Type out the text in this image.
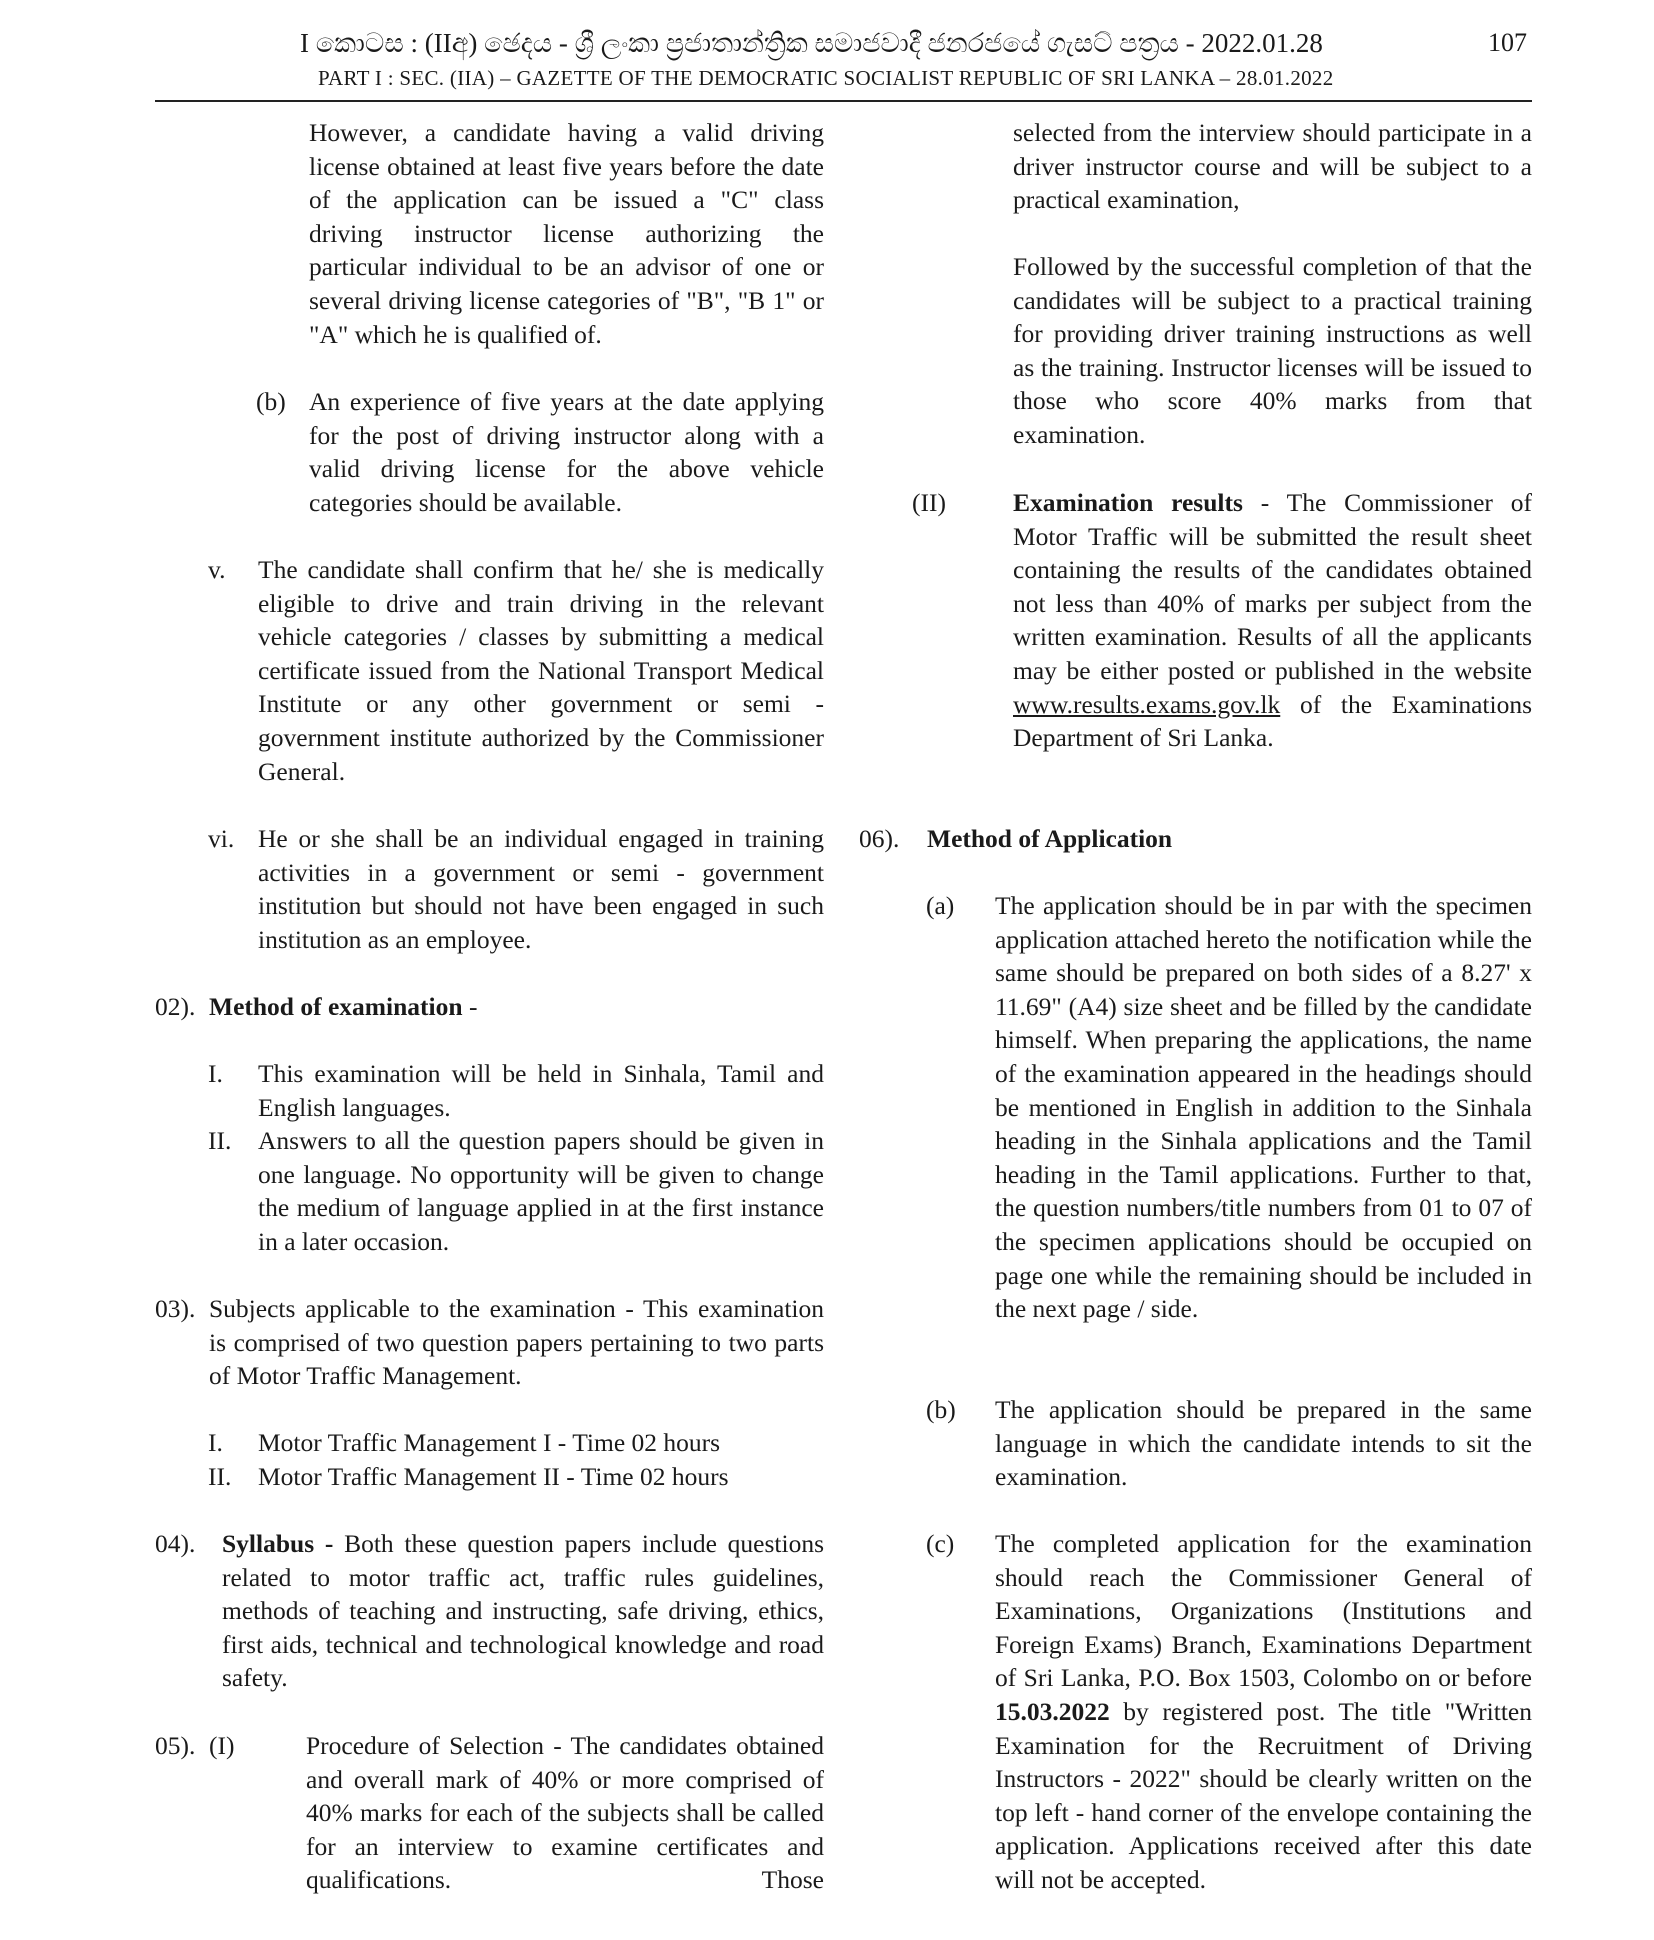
I කොටස : (IIඅ) ඡෙදය - ශ්‍රී ලංකා ප්‍රජාතාන්ත්‍රික සමාජවාදී ජනරජයේ ගැසට් පත්‍රය - 2022.01.28	107
PART I : SEC. (IIA) – GAZETTE OF THE DEMOCRATIC SOCIALIST REPUBLIC OF SRI LANKA – 28.01.2022

However, a candidate having a valid driving license obtained at least five years before the date of the application can be issued a "C" class driving instructor license authorizing the particular individual to be an advisor of one or several driving license categories of "B", "B 1" or "A" which he is qualified of.

(b) An experience of five years at the date applying for the post of driving instructor along with a valid driving license for the above vehicle categories should be available.

v. The candidate shall confirm that he/ she is medically eligible to drive and train driving in the relevant vehicle categories / classes by submitting a medical certificate issued from the National Transport Medical Institute or any other government or semi - government institute authorized by the Commissioner General.

vi. He or she shall be an individual engaged in training activities in a government or semi - government institution but should not have been engaged in such institution as an employee.

02). Method of examination -

I. This examination will be held in Sinhala, Tamil and English languages.

II. Answers to all the question papers should be given in one language. No opportunity will be given to change the medium of language applied in at the first instance in a later occasion.

03). Subjects applicable to the examination - This examination is comprised of two question papers pertaining to two parts of Motor Traffic Management.

I. Motor Traffic Management I - Time 02 hours
II. Motor Traffic Management II - Time 02 hours
04). Syllabus - Both these question papers include questions related to motor traffic act, traffic rules guidelines, methods of teaching and instructing, safe driving, ethics, first aids, technical and technological knowledge and road safety.

05). (I)	Procedure of Selection - The candidates obtained and overall mark of 40% or more comprised of 40% marks for each of the subjects shall be called for an interview to examine certificates and qualifications. Those

selected from the interview should participate in a driver instructor course and will be subject to a practical examination,

Followed by the successful completion of that the candidates will be subject to a practical training for providing driver training instructions as well as the training. Instructor licenses will be issued to those who score 40% marks from that examination.

(II)	Examination results - The Commissioner of Motor Traffic will be submitted the result sheet containing the results of the candidates obtained not less than 40% of marks per subject from the written examination. Results of all the applicants may be either posted or published in the website www.results.exams.gov.lk of the Examinations Department of Sri Lanka.

06). Method of Application
(a) The application should be in par with the specimen application attached hereto the notification while the same should be prepared on both sides of a 8.27' x 11.69" (A4) size sheet and be filled by the candidate himself. When preparing the applications, the name of the examination appeared in the headings should be mentioned in English in addition to the Sinhala heading in the Sinhala applications and the Tamil heading in the Tamil applications. Further to that, the question numbers/title numbers from 01 to 07 of the specimen applications should be occupied on page one while the remaining should be included in the next page / side.

(b) The application should be prepared in the same language in which the candidate intends to sit the examination.

(c) The completed application for the examination should reach the Commissioner General of Examinations, Organizations (Institutions and Foreign Exams) Branch, Examinations Department of Sri Lanka, P.O. Box 1503, Colombo on or before 15.03.2022 by registered post. The title "Written Examination for the Recruitment of Driving Instructors - 2022" should be clearly written on the top left - hand corner of the envelope containing the application. Applications received after this date will not be accepted.
